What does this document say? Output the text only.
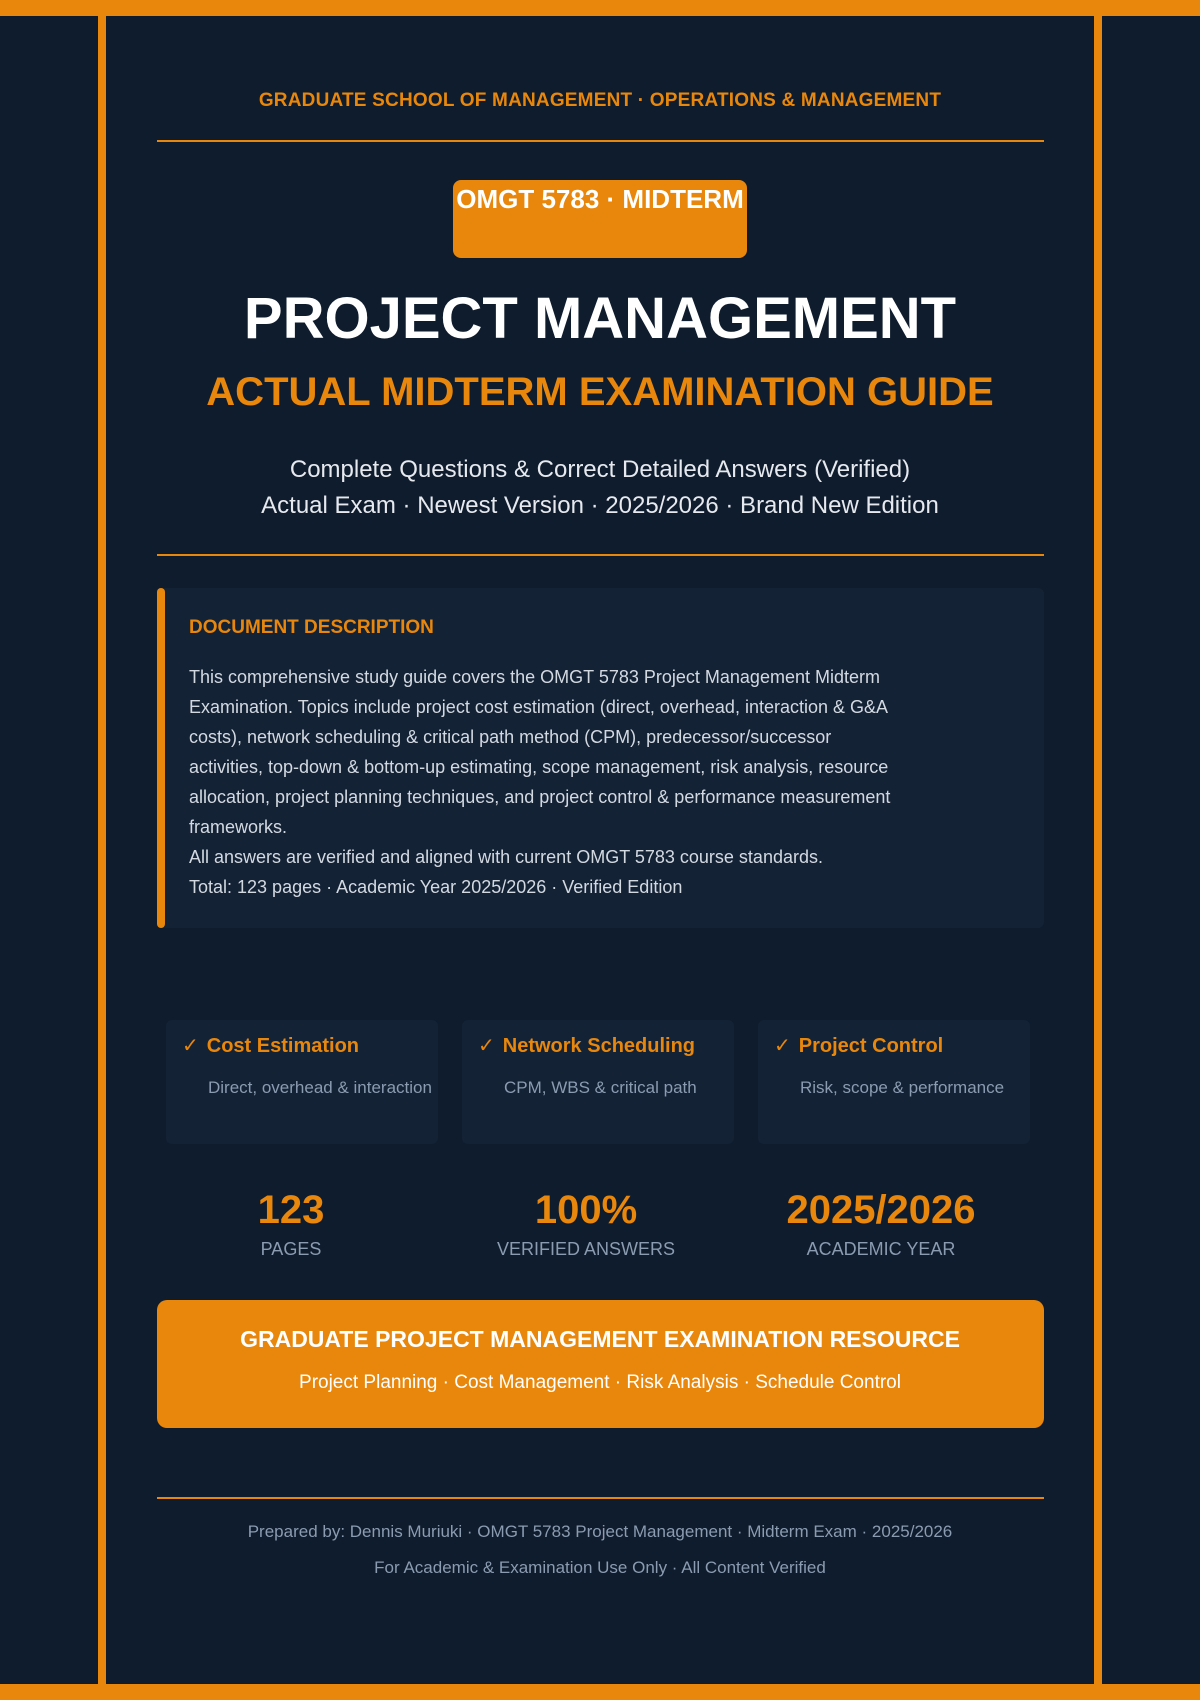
GRADUATE SCHOOL OF MANAGEMENT · OPERATIONS & MANAGEMENT
OMGT 5783 · MIDTERM
PROJECT MANAGEMENT
ACTUAL MIDTERM EXAMINATION GUIDE
Complete Questions & Correct Detailed Answers (Verified)
Actual Exam · Newest Version · 2025/2026 · Brand New Edition
DOCUMENT DESCRIPTION

This comprehensive study guide covers the OMGT 5783 Project Management Midterm Examination. Topics include project cost estimation (direct, overhead, interaction & G&A costs), network scheduling & critical path method (CPM), predecessor/successor activities, top-down & bottom-up estimating, scope management, risk analysis, resource allocation, project planning techniques, and project control & performance measurement frameworks.

All answers are verified and aligned with current OMGT 5783 course standards.

Total: 123 pages · Academic Year 2025/2026 · Verified Edition

✓ Cost Estimation
Direct, overhead & interaction
✓ Network Scheduling
CPM, WBS & critical path
✓ Project Control
Risk, scope & performance
123
PAGES
100%
VERIFIED ANSWERS
2025/2026
ACADEMIC YEAR
GRADUATE PROJECT MANAGEMENT EXAMINATION RESOURCE
Project Planning · Cost Management · Risk Analysis · Schedule Control
Prepared by: Dennis Muriuki · OMGT 5783 Project Management · Midterm Exam · 2025/2026
For Academic & Examination Use Only · All Content Verified
